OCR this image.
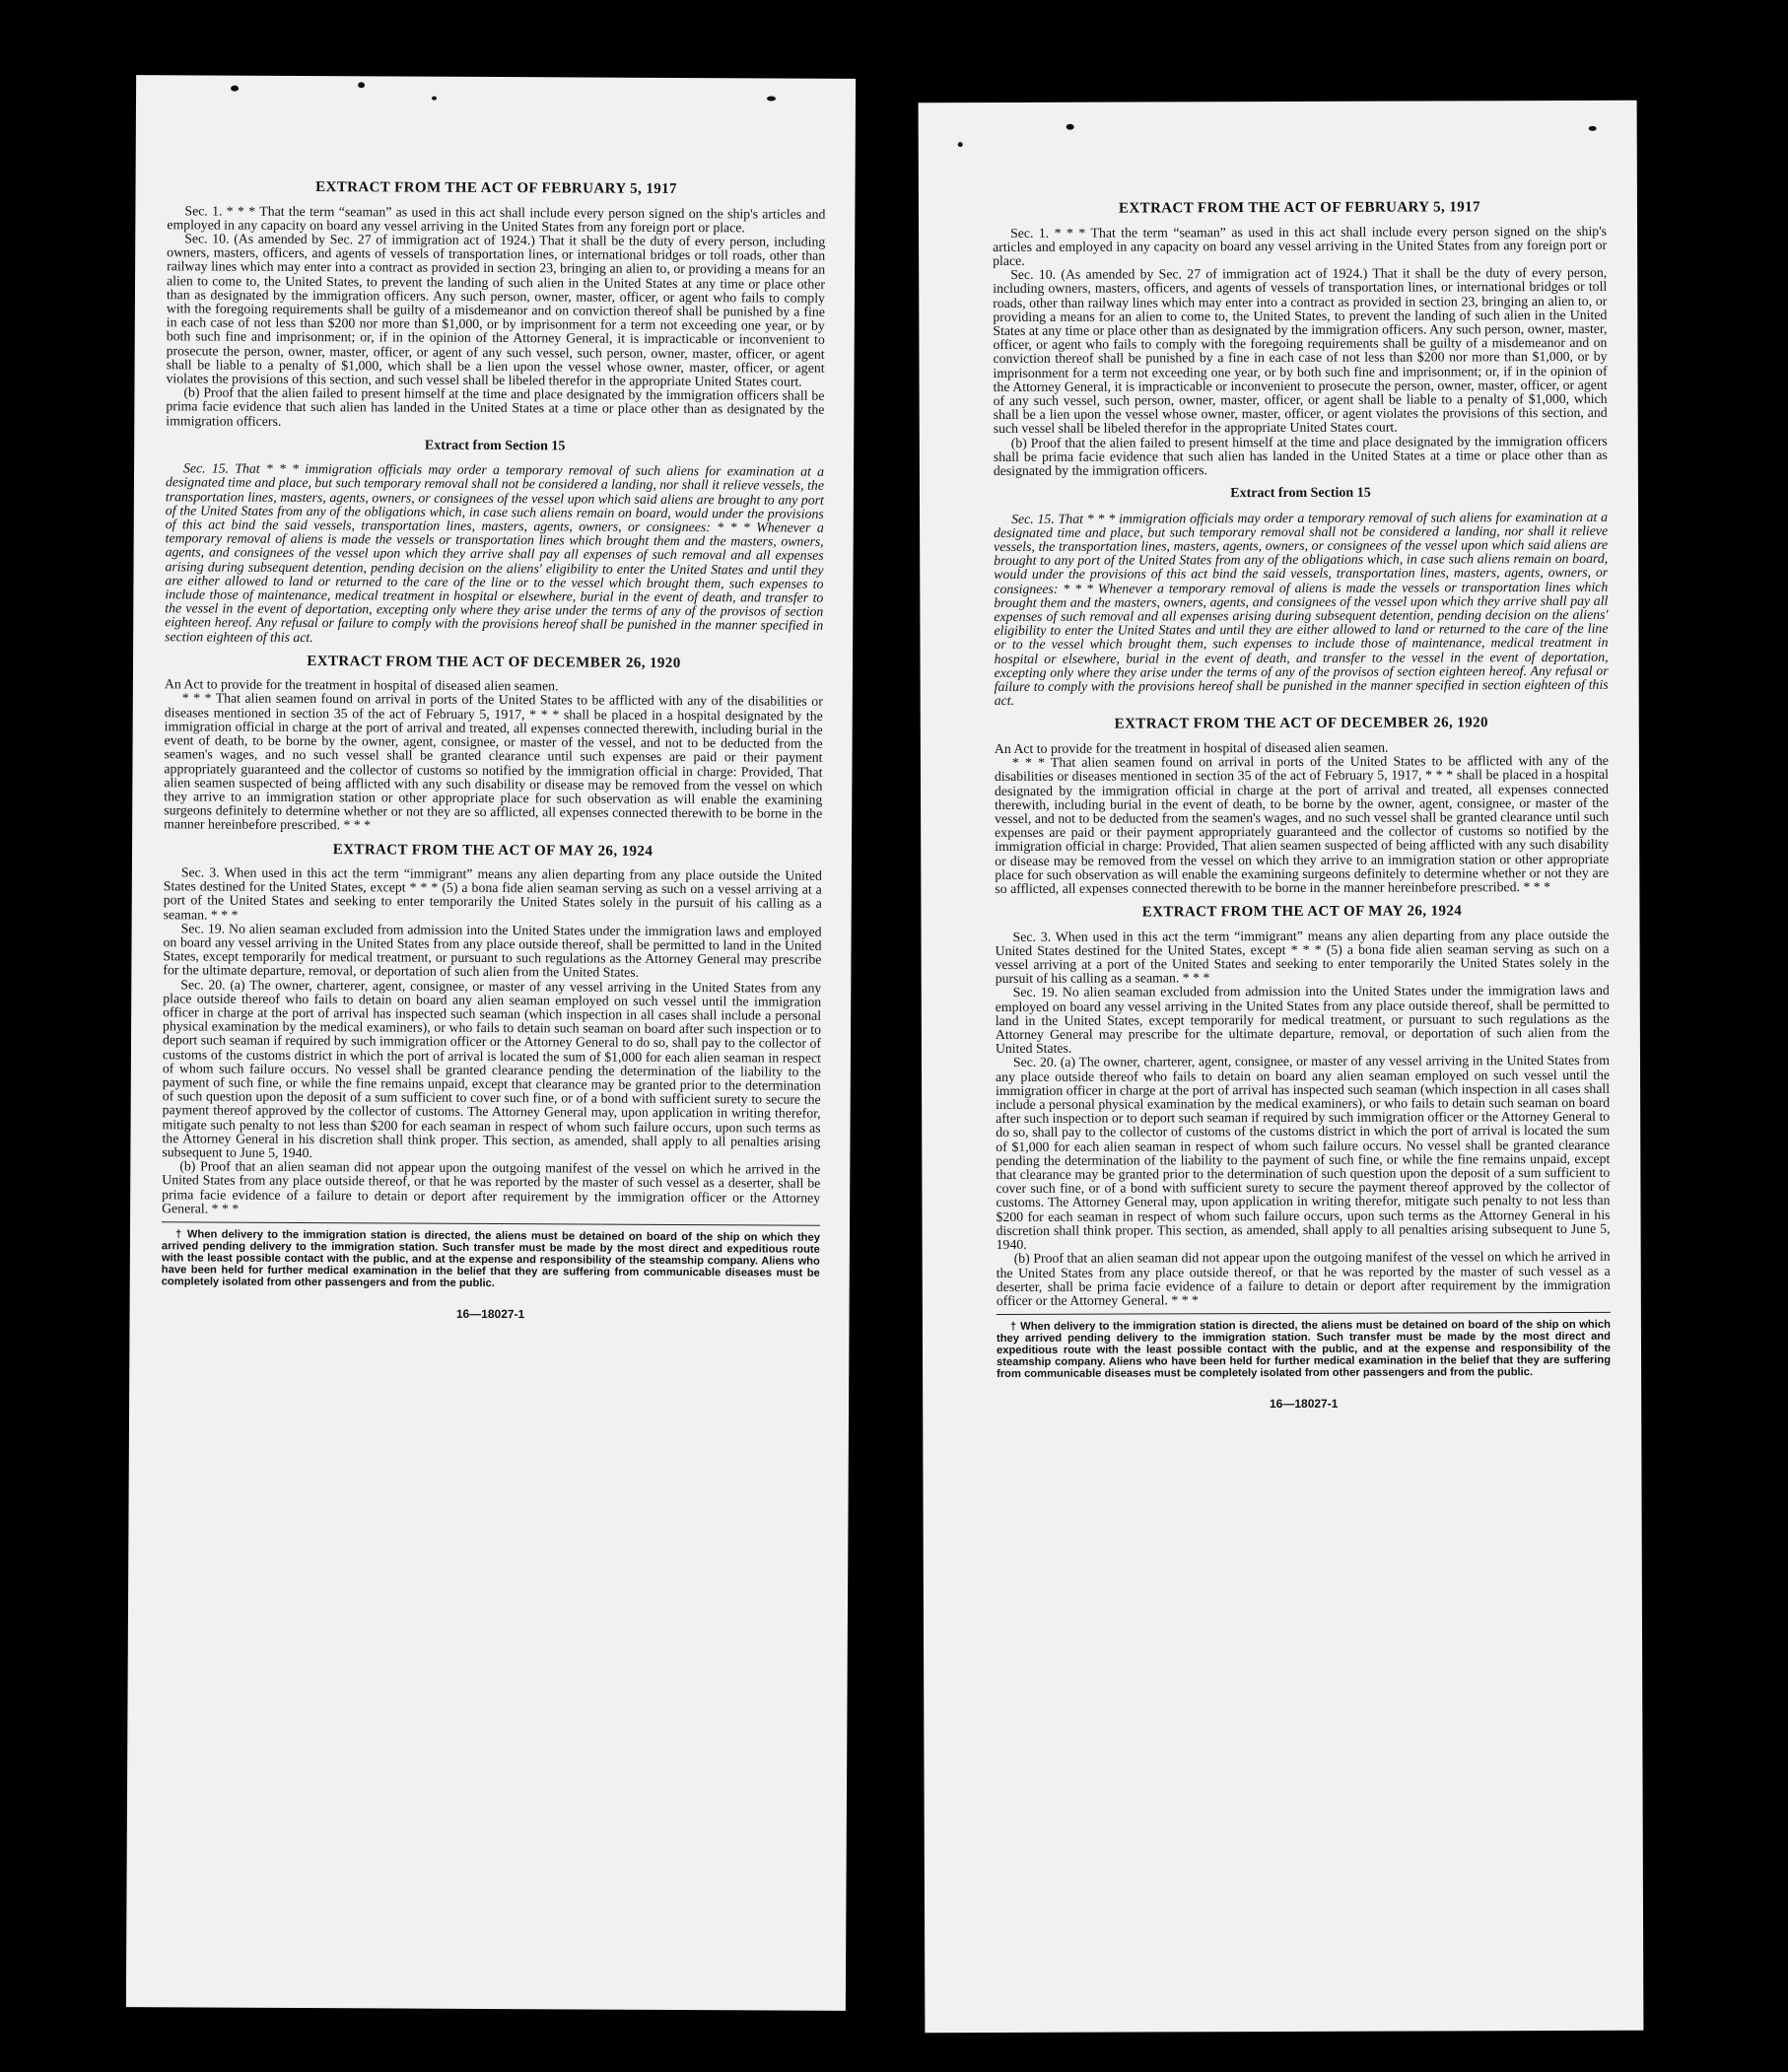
EXTRACT FROM THE ACT OF FEBRUARY 5, 1917

Sec. 1. * * * That the term “seaman” as used in this act shall include every person signed on the ship's articles and employed in any capacity on board any vessel arriving in the United States from any foreign port or place.

Sec. 10. (As amended by Sec. 27 of immigration act of 1924.) That it shall be the duty of every person, including owners, masters, officers, and agents of vessels of transportation lines, or international bridges or toll roads, other than railway lines which may enter into a contract as provided in section 23, bringing an alien to, or providing a means for an alien to come to, the United States, to prevent the landing of such alien in the United States at any time or place other than as designated by the immigration officers. Any such person, owner, master, officer, or agent who fails to comply with the foregoing requirements shall be guilty of a misdemeanor and on conviction thereof shall be punished by a fine in each case of not less than $200 nor more than $1,000, or by imprisonment for a term not exceeding one year, or by both such fine and imprisonment; or, if in the opinion of the Attorney General, it is impracticable or inconvenient to prosecute the person, owner, master, officer, or agent of any such vessel, such person, owner, master, officer, or agent shall be liable to a penalty of $1,000, which shall be a lien upon the vessel whose owner, master, officer, or agent violates the provisions of this section, and such vessel shall be libeled therefor in the appropriate United States court.

(b) Proof that the alien failed to present himself at the time and place designated by the immigration officers shall be prima facie evidence that such alien has landed in the United States at a time or place other than as designated by the immigration officers.

Extract from Section 15

Sec. 15. That * * * immigration officials may order a temporary removal of such aliens for examination at a designated time and place, but such temporary removal shall not be considered a landing, nor shall it relieve vessels, the transportation lines, masters, agents, owners, or consignees of the vessel upon which said aliens are brought to any port of the United States from any of the obligations which, in case such aliens remain on board, would under the provisions of this act bind the said vessels, transportation lines, masters, agents, owners, or consignees: * * * Whenever a temporary removal of aliens is made the vessels or transportation lines which brought them and the masters, owners, agents, and consignees of the vessel upon which they arrive shall pay all expenses of such removal and all expenses arising during subsequent detention, pending decision on the aliens' eligibility to enter the United States and until they are either allowed to land or returned to the care of the line or to the vessel which brought them, such expenses to include those of maintenance, medical treatment in hospital or elsewhere, burial in the event of death, and transfer to the vessel in the event of deportation, excepting only where they arise under the terms of any of the provisos of section eighteen hereof. Any refusal or failure to comply with the provisions hereof shall be punished in the manner specified in section eighteen of this act.

EXTRACT FROM THE ACT OF DECEMBER 26, 1920

An Act to provide for the treatment in hospital of diseased alien seamen.

* * * That alien seamen found on arrival in ports of the United States to be afflicted with any of the disabilities or diseases mentioned in section 35 of the act of February 5, 1917, * * * shall be placed in a hospital designated by the immigration official in charge at the port of arrival and treated, all expenses connected therewith, including burial in the event of death, to be borne by the owner, agent, consignee, or master of the vessel, and not to be deducted from the seamen's wages, and no such vessel shall be granted clearance until such expenses are paid or their payment appropriately guaranteed and the collector of customs so notified by the immigration official in charge: Provided, That alien seamen suspected of being afflicted with any such disability or disease may be removed from the vessel on which they arrive to an immigration station or other appropriate place for such observation as will enable the examining surgeons definitely to determine whether or not they are so afflicted, all expenses connected therewith to be borne in the manner hereinbefore prescribed. * * *

EXTRACT FROM THE ACT OF MAY 26, 1924

Sec. 3. When used in this act the term “immigrant” means any alien departing from any place outside the United States destined for the United States, except * * * (5) a bona fide alien seaman serving as such on a vessel arriving at a port of the United States and seeking to enter temporarily the United States solely in the pursuit of his calling as a seaman. * * *

Sec. 19. No alien seaman excluded from admission into the United States under the immigration laws and employed on board any vessel arriving in the United States from any place outside thereof, shall be permitted to land in the United States, except temporarily for medical treatment, or pursuant to such regulations as the Attorney General may prescribe for the ultimate departure, removal, or deportation of such alien from the United States.

Sec. 20. (a) The owner, charterer, agent, consignee, or master of any vessel arriving in the United States from any place outside thereof who fails to detain on board any alien seaman employed on such vessel until the immigration officer in charge at the port of arrival has inspected such seaman (which inspection in all cases shall include a personal physical examination by the medical examiners), or who fails to detain such seaman on board after such inspection or to deport such seaman if required by such immigration officer or the Attorney General to do so, shall pay to the collector of customs of the customs district in which the port of arrival is located the sum of $1,000 for each alien seaman in respect of whom such failure occurs. No vessel shall be granted clearance pending the determination of the liability to the payment of such fine, or while the fine remains unpaid, except that clearance may be granted prior to the determination of such question upon the deposit of a sum sufficient to cover such fine, or of a bond with sufficient surety to secure the payment thereof approved by the collector of customs. The Attorney General may, upon application in writing therefor, mitigate such penalty to not less than $200 for each seaman in respect of whom such failure occurs, upon such terms as the Attorney General in his discretion shall think proper. This section, as amended, shall apply to all penalties arising subsequent to June 5, 1940.

(b) Proof that an alien seaman did not appear upon the outgoing manifest of the vessel on which he arrived in the United States from any place outside thereof, or that he was reported by the master of such vessel as a deserter, shall be prima facie evidence of a failure to detain or deport after requirement by the immigration officer or the Attorney General. * * *

† When delivery to the immigration station is directed, the aliens must be detained on board of the ship on which they arrived pending delivery to the immigration station. Such transfer must be made by the most direct and expeditious route with the least possible contact with the public, and at the expense and responsibility of the steamship company. Aliens who have been held for further medical examination in the belief that they are suffering from communicable diseases must be completely isolated from other passengers and from the public.

16—18027-1
EXTRACT FROM THE ACT OF FEBRUARY 5, 1917

Sec. 1. * * * That the term “seaman” as used in this act shall include every person signed on the ship's articles and employed in any capacity on board any vessel arriving in the United States from any foreign port or place.

Sec. 10. (As amended by Sec. 27 of immigration act of 1924.) That it shall be the duty of every person, including owners, masters, officers, and agents of vessels of transportation lines, or international bridges or toll roads, other than railway lines which may enter into a contract as provided in section 23, bringing an alien to, or providing a means for an alien to come to, the United States, to prevent the landing of such alien in the United States at any time or place other than as designated by the immigration officers. Any such person, owner, master, officer, or agent who fails to comply with the foregoing requirements shall be guilty of a misdemeanor and on conviction thereof shall be punished by a fine in each case of not less than $200 nor more than $1,000, or by imprisonment for a term not exceeding one year, or by both such fine and imprisonment; or, if in the opinion of the Attorney General, it is impracticable or inconvenient to prosecute the person, owner, master, officer, or agent of any such vessel, such person, owner, master, officer, or agent shall be liable to a penalty of $1,000, which shall be a lien upon the vessel whose owner, master, officer, or agent violates the provisions of this section, and such vessel shall be libeled therefor in the appropriate United States court.

(b) Proof that the alien failed to present himself at the time and place designated by the immigration officers shall be prima facie evidence that such alien has landed in the United States at a time or place other than as designated by the immigration officers.

Extract from Section 15

Sec. 15. That * * * immigration officials may order a temporary removal of such aliens for examination at a designated time and place, but such temporary removal shall not be considered a landing, nor shall it relieve vessels, the transportation lines, masters, agents, owners, or consignees of the vessel upon which said aliens are brought to any port of the United States from any of the obligations which, in case such aliens remain on board, would under the provisions of this act bind the said vessels, transportation lines, masters, agents, owners, or consignees: * * * Whenever a temporary removal of aliens is made the vessels or transportation lines which brought them and the masters, owners, agents, and consignees of the vessel upon which they arrive shall pay all expenses of such removal and all expenses arising during subsequent detention, pending decision on the aliens' eligibility to enter the United States and until they are either allowed to land or returned to the care of the line or to the vessel which brought them, such expenses to include those of maintenance, medical treatment in hospital or elsewhere, burial in the event of death, and transfer to the vessel in the event of deportation, excepting only where they arise under the terms of any of the provisos of section eighteen hereof. Any refusal or failure to comply with the provisions hereof shall be punished in the manner specified in section eighteen of this act.

EXTRACT FROM THE ACT OF DECEMBER 26, 1920

An Act to provide for the treatment in hospital of diseased alien seamen.

* * * That alien seamen found on arrival in ports of the United States to be afflicted with any of the disabilities or diseases mentioned in section 35 of the act of February 5, 1917, * * * shall be placed in a hospital designated by the immigration official in charge at the port of arrival and treated, all expenses connected therewith, including burial in the event of death, to be borne by the owner, agent, consignee, or master of the vessel, and not to be deducted from the seamen's wages, and no such vessel shall be granted clearance until such expenses are paid or their payment appropriately guaranteed and the collector of customs so notified by the immigration official in charge: Provided, That alien seamen suspected of being afflicted with any such disability or disease may be removed from the vessel on which they arrive to an immigration station or other appropriate place for such observation as will enable the examining surgeons definitely to determine whether or not they are so afflicted, all expenses connected therewith to be borne in the manner hereinbefore prescribed. * * *

EXTRACT FROM THE ACT OF MAY 26, 1924

Sec. 3. When used in this act the term “immigrant” means any alien departing from any place outside the United States destined for the United States, except * * * (5) a bona fide alien seaman serving as such on a vessel arriving at a port of the United States and seeking to enter temporarily the United States solely in the pursuit of his calling as a seaman. * * *

Sec. 19. No alien seaman excluded from admission into the United States under the immigration laws and employed on board any vessel arriving in the United States from any place outside thereof, shall be permitted to land in the United States, except temporarily for medical treatment, or pursuant to such regulations as the Attorney General may prescribe for the ultimate departure, removal, or deportation of such alien from the United States.

Sec. 20. (a) The owner, charterer, agent, consignee, or master of any vessel arriving in the United States from any place outside thereof who fails to detain on board any alien seaman employed on such vessel until the immigration officer in charge at the port of arrival has inspected such seaman (which inspection in all cases shall include a personal physical examination by the medical examiners), or who fails to detain such seaman on board after such inspection or to deport such seaman if required by such immigration officer or the Attorney General to do so, shall pay to the collector of customs of the customs district in which the port of arrival is located the sum of $1,000 for each alien seaman in respect of whom such failure occurs. No vessel shall be granted clearance pending the determination of the liability to the payment of such fine, or while the fine remains unpaid, except that clearance may be granted prior to the determination of such question upon the deposit of a sum sufficient to cover such fine, or of a bond with sufficient surety to secure the payment thereof approved by the collector of customs. The Attorney General may, upon application in writing therefor, mitigate such penalty to not less than $200 for each seaman in respect of whom such failure occurs, upon such terms as the Attorney General in his discretion shall think proper. This section, as amended, shall apply to all penalties arising subsequent to June 5, 1940.

(b) Proof that an alien seaman did not appear upon the outgoing manifest of the vessel on which he arrived in the United States from any place outside thereof, or that he was reported by the master of such vessel as a deserter, shall be prima facie evidence of a failure to detain or deport after requirement by the immigration officer or the Attorney General. * * *

† When delivery to the immigration station is directed, the aliens must be detained on board of the ship on which they arrived pending delivery to the immigration station. Such transfer must be made by the most direct and expeditious route with the least possible contact with the public, and at the expense and responsibility of the steamship company. Aliens who have been held for further medical examination in the belief that they are suffering from communicable diseases must be completely isolated from other passengers and from the public.

16—18027-1
